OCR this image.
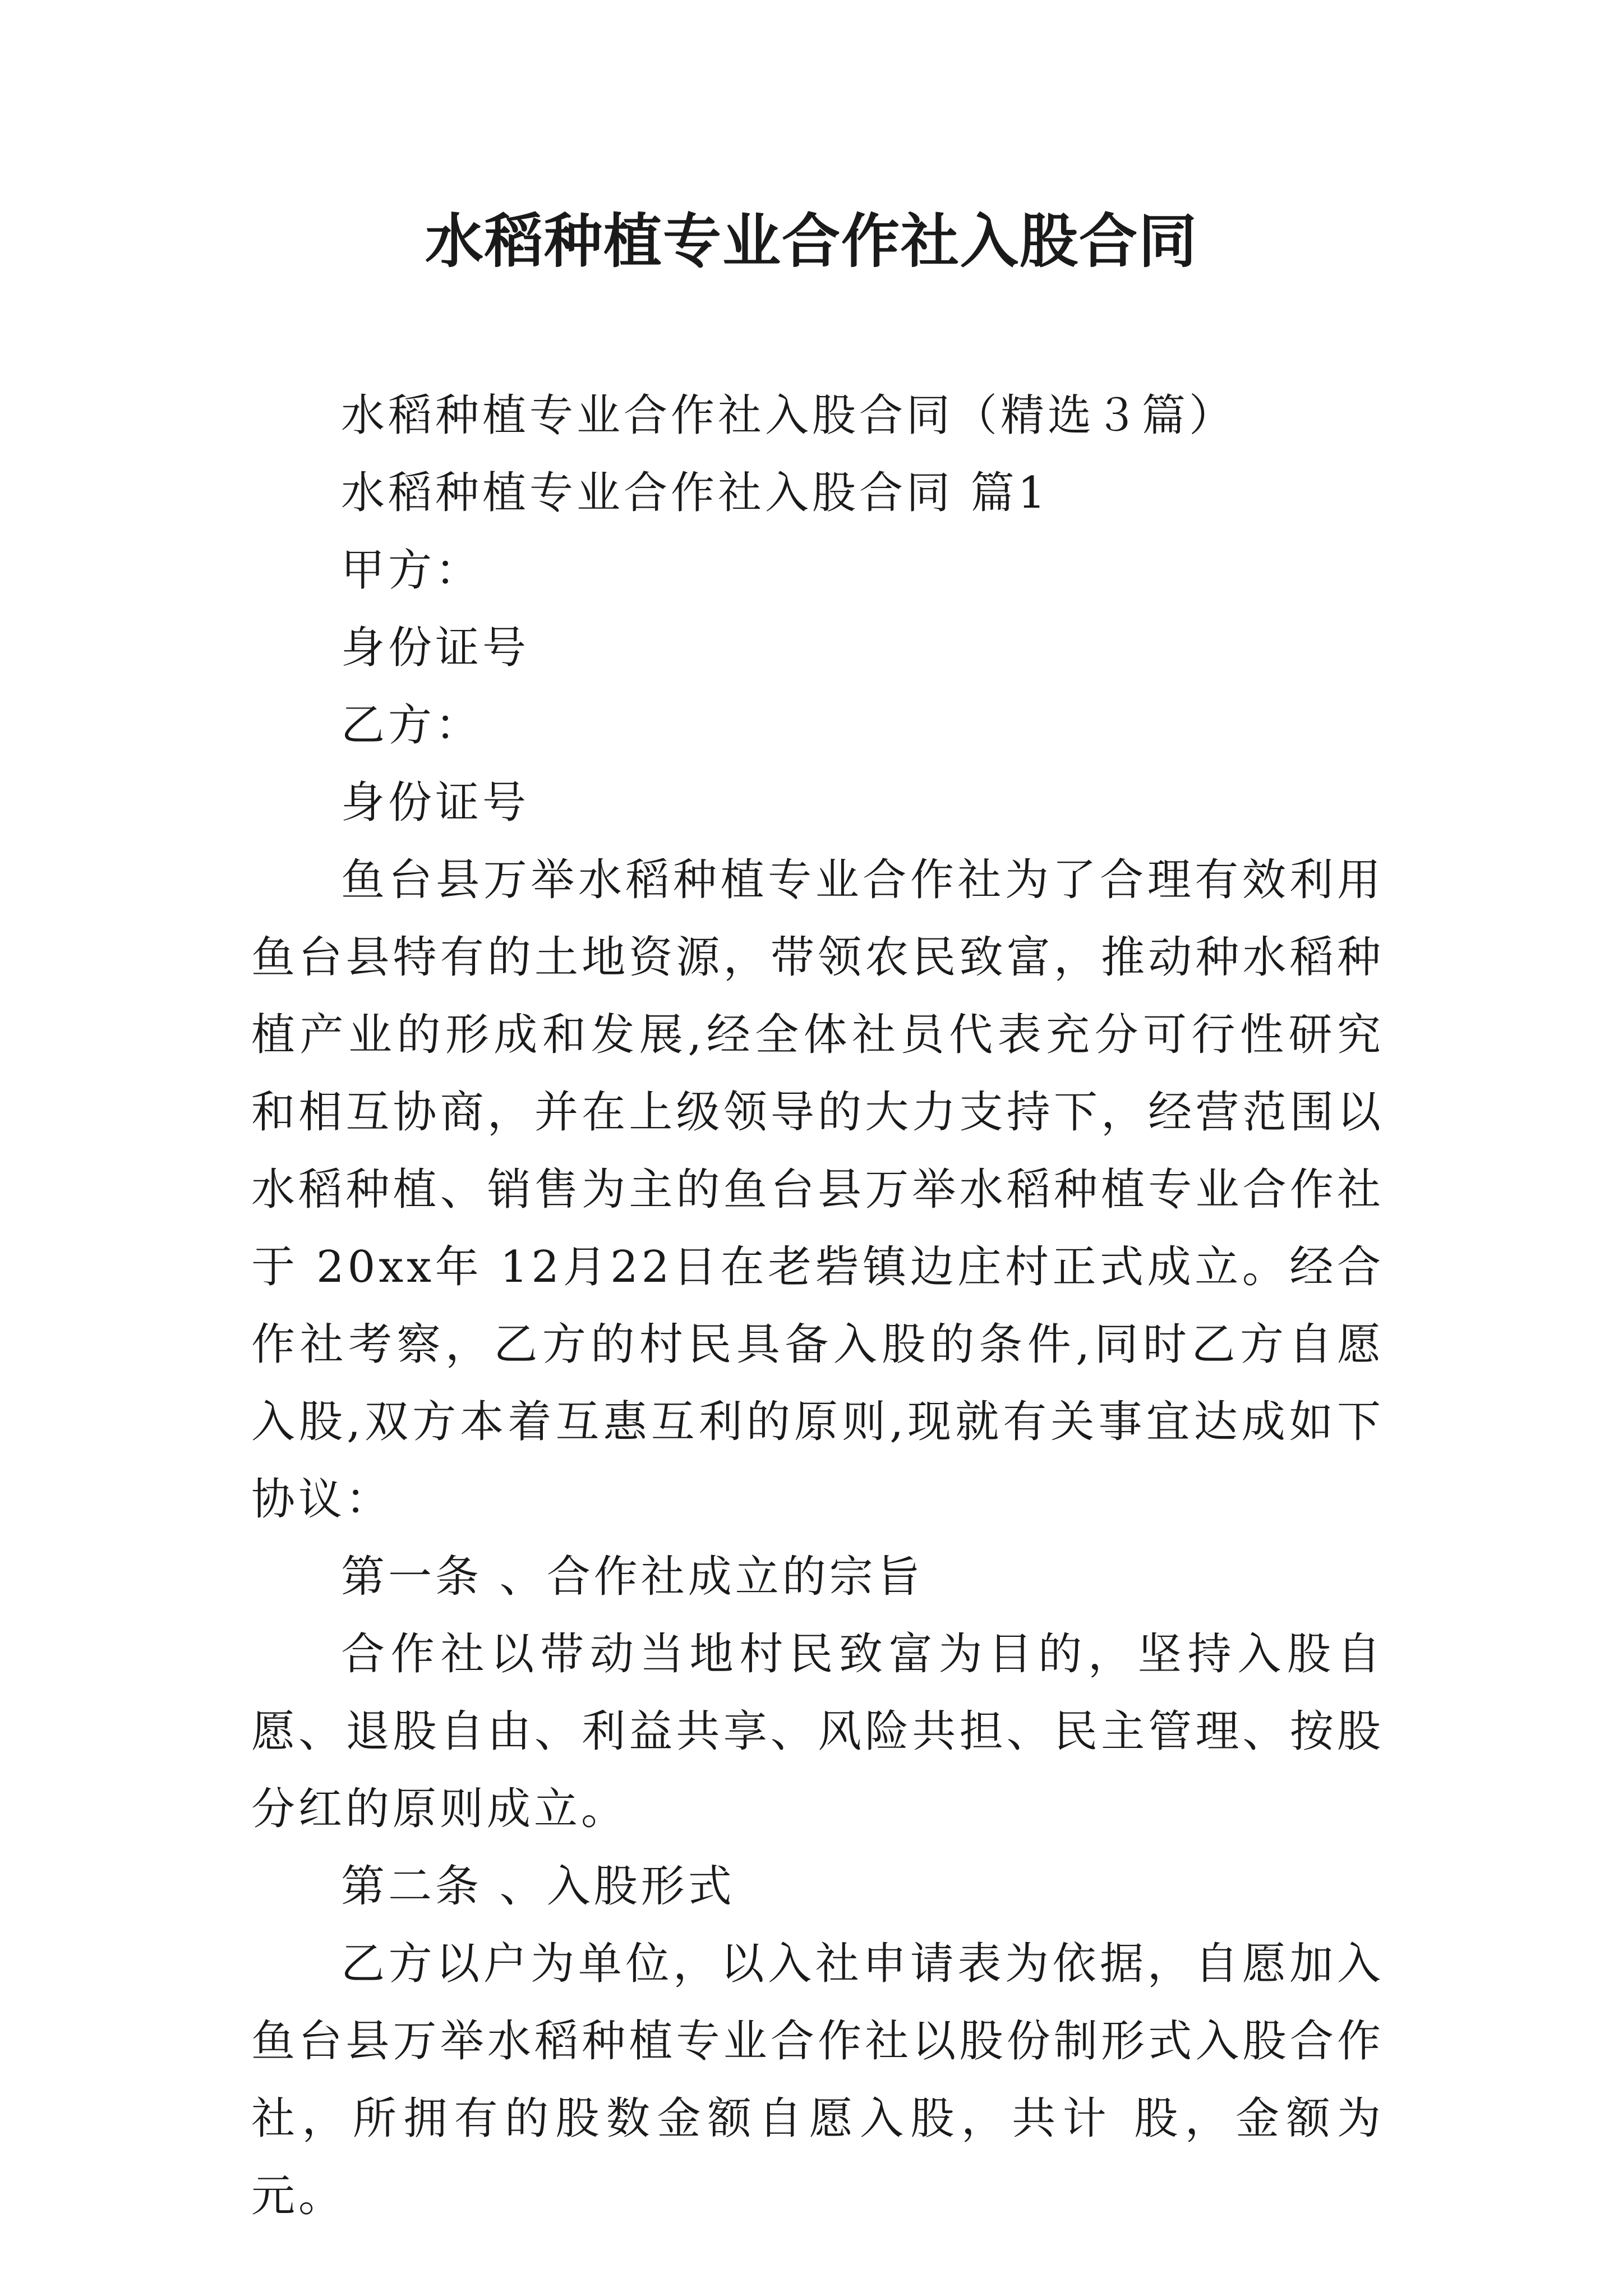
水稻种植专业合作社入股合同

水稻种植专业合作社入股合同（精选３篇）

水稻种植专业合作社入股合同 篇1

甲方：

身份证号

乙方：

身份证号

鱼台县万举水稻种植专业合作社为了合理有效利用鱼台县特有的土地资源，带领农民致富，推动种水稻种植产业的形成和发展,经全体社员代表充分可行性研究和相互协商，并在上级领导的大力支持下，经营范围以水稻种植、销售为主的鱼台县万举水稻种植专业合作社于 20xx年 12月22日在老砦镇边庄村正式成立。经合作社考察，乙方的村民具备入股的条件,同时乙方自愿入股,双方本着互惠互利的原则,现就有关事宜达成如下协议：

第一条 、合作社成立的宗旨

合作社以带动当地村民致富为目的，坚持入股自愿、退股自由、利益共享、风险共担、民主管理、按股分红的原则成立。

第二条 、入股形式

乙方以户为单位，以入社申请表为依据，自愿加入鱼台县万举水稻种植专业合作社以股份制形式入股合作社，所拥有的股数金额自愿入股，共计 股，金额为 元。
